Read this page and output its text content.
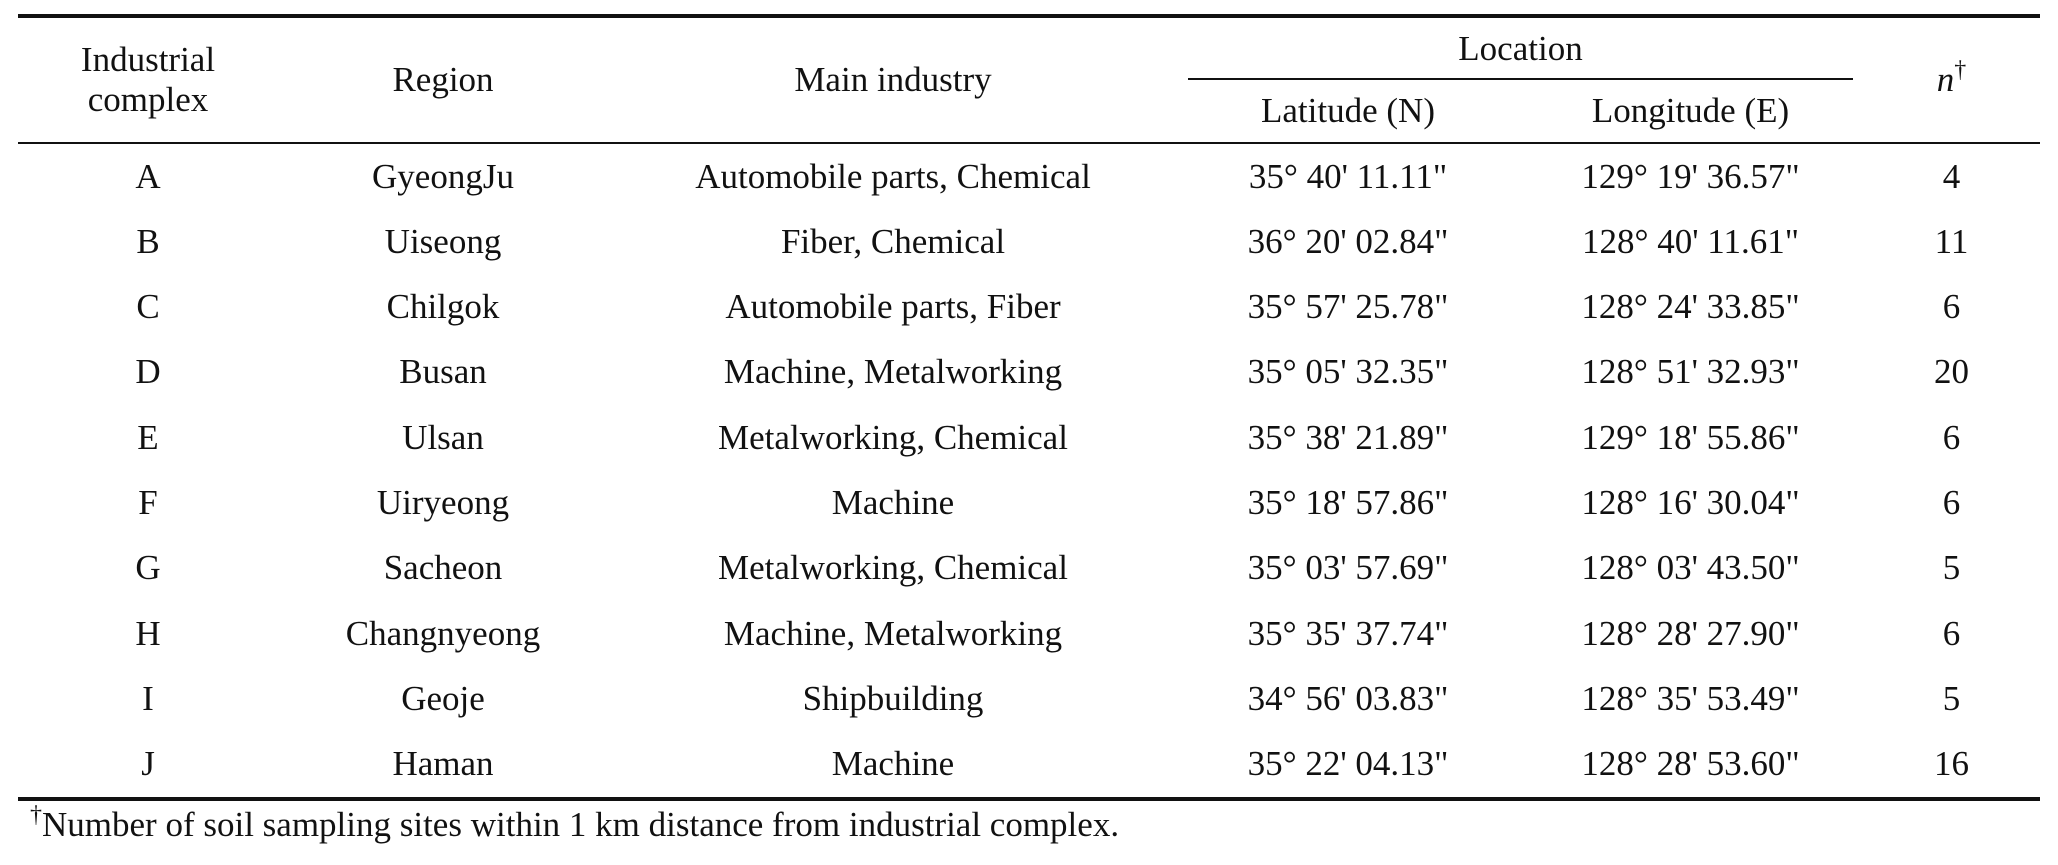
Industrial
complex	Region	Main industry	Location		n†
			Latitude (N)	Longitude (E)	
A	GyeongJu	Automobile parts, Chemical	35° 40' 11.11"	129° 19' 36.57"	4
B	Uiseong	Fiber, Chemical	36° 20' 02.84"	128° 40' 11.61"	11
C	Chilgok	Automobile parts, Fiber	35° 57' 25.78"	128° 24' 33.85"	6
D	Busan	Machine, Metalworking	35° 05' 32.35"	128° 51' 32.93"	20
E	Ulsan	Metalworking, Chemical	35° 38' 21.89"	129° 18' 55.86"	6
F	Uiryeong	Machine	35° 18' 57.86"	128° 16' 30.04"	6
G	Sacheon	Metalworking, Chemical	35° 03' 57.69"	128° 03' 43.50"	5
H	Changnyeong	Machine, Metalworking	35° 35' 37.74"	128° 28' 27.90"	6
I	Geoje	Shipbuilding	34° 56' 03.83"	128° 35' 53.49"	5
J	Haman	Machine	35° 22' 04.13"	128° 28' 53.60"	16
†Number of soil sampling sites within 1 km distance from industrial complex.
